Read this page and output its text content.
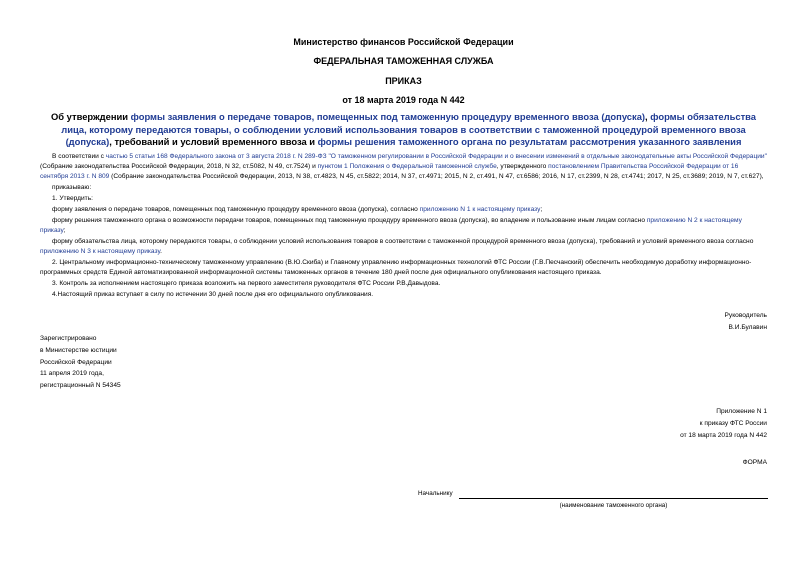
Министерство финансов Российской Федерации
ФЕДЕРАЛЬНАЯ ТАМОЖЕННАЯ СЛУЖБА
ПРИКАЗ
от 18 марта 2019 года N 442
Об утверждении формы заявления о передаче товаров, помещенных под таможенную процедуру временного ввоза (допуска), формы обязательства лица, которому передаются товары, о соблюдении условий использования товаров в соответствии с таможенной процедурой временного ввоза (допуска), требований и условий временного ввоза и формы решения таможенного органа по результатам рассмотрения указанного заявления

В соответствии с частью 5 статьи 168 Федерального закона от 3 августа 2018 г. N 289-ФЗ "О таможенном регулировании в Российской Федерации и о внесении изменений в отдельные законодательные акты Российской Федерации" (Собрание законодательства Российской Федерации, 2018, N 32, ст.5082, N 49, ст.7524) и пунктом 1 Положения о Федеральной таможенной службе, утвержденного постановлением Правительства Российской Федерации от 16 сентября 2013 г. N 809 (Собрание законодательства Российской Федерации, 2013, N 38, ст.4823, N 45, ст.5822; 2014, N 37, ст.4971; 2015, N 2, ст.491, N 47, ст.6586; 2016, N 17, ст.2399, N 28, ст.4741; 2017, N 25, ст.3689; 2019, N 7, ст.627),

приказываю:

1. Утвердить:

форму заявления о передаче товаров, помещенных под таможенную процедуру временного ввоза (допуска), согласно приложению N 1 к настоящему приказу;

форму решения таможенного органа о возможности передачи товаров, помещенных под таможенную процедуру временного ввоза (допуска), во владение и пользование иным лицам согласно приложению N 2 к настоящему приказу;

форму обязательства лица, которому передаются товары, о соблюдении условий использования товаров в соответствии с таможенной процедурой временного ввоза (допуска), требований и условий временного ввоза согласно приложению N 3 к настоящему приказу.

2. Центральному информационно-техническому таможенному управлению (В.Ю.Скиба) и Главному управлению информационных технологий ФТС России (Г.В.Песчанский) обеспечить необходимую доработку информационно-программных средств Единой автоматизированной информационной системы таможенных органов в течение 180 дней после дня официального опубликования настоящего приказа.

3. Контроль за исполнением настоящего приказа возложить на первого заместителя руководителя ФТС России Р.В.Давыдова.

4.Настоящий приказ вступает в силу по истечении 30 дней после дня его официального опубликования.

Руководитель
В.И.Булавин
Зарегистрировано
в Министерстве юстиции
Российской Федерации
11 апреля 2019 года,
регистрационный N 54345
Приложение N 1
к приказу ФТС России
от 18 марта 2019 года N 442
ФОРМА
Начальнику
(наименование таможенного органа)
